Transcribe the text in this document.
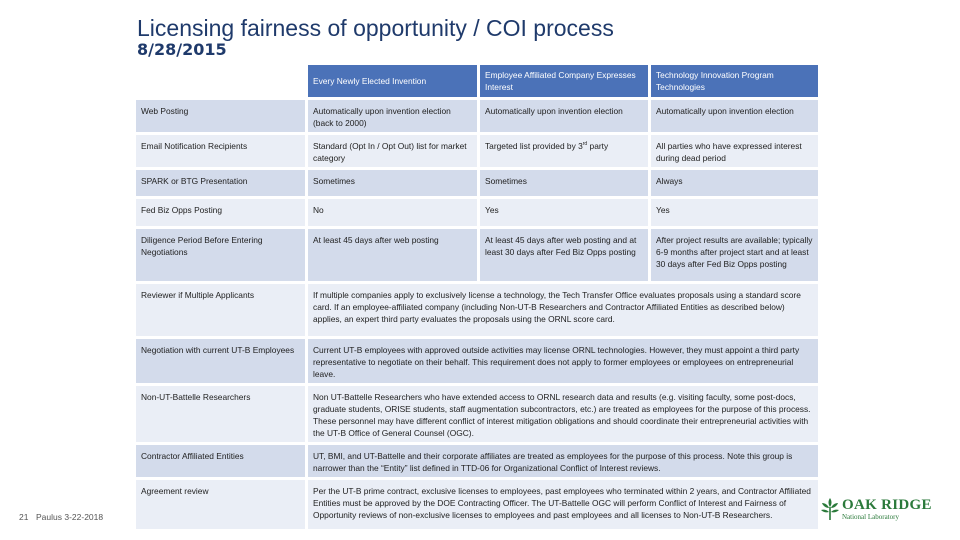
Licensing fairness of opportunity / COI process
8/28/2015
	Every Newly Elected Invention	Employee Affiliated Company Expresses Interest	Technology Innovation Program Technologies
Web Posting	Automatically upon invention election (back to 2000)	Automatically upon invention election	Automatically upon invention election
Email Notification Recipients	Standard (Opt In / Opt Out) list for market category	Targeted list provided by 3rd party	All parties who have expressed interest during dead period
SPARK or BTG Presentation	Sometimes	Sometimes	Always
Fed Biz Opps Posting	No	Yes	Yes
Diligence Period Before Entering Negotiations	At least 45 days after web posting	At least 45 days after web posting and at least 30 days after Fed Biz Opps posting	After project results are available; typically 6-9 months after project start and at least 30 days after Fed Biz Opps posting
Reviewer if Multiple Applicants	If multiple companies apply to exclusively license a technology, the Tech Transfer Office evaluates proposals using a standard score card. If an employee-affiliated company (including Non-UT-B Researchers and Contractor Affiliated Entities as described below) applies, an expert third party evaluates the proposals using the ORNL score card.		
Negotiation with current UT-B Employees	Current UT-B employees with approved outside activities may license ORNL technologies. However, they must appoint a third party representative to negotiate on their behalf. This requirement does not apply to former employees or employees on entrepreneurial leave.		
Non-UT-Battelle Researchers	Non UT-Battelle Researchers who have extended access to ORNL research data and results (e.g. visiting faculty, some post-docs, graduate students, ORISE students, staff augmentation subcontractors, etc.) are treated as employees for the purpose of this process. These personnel may have different conflict of interest mitigation obligations and should coordinate their entrepreneurial activities with the UT-B Office of General Counsel (OGC).		
Contractor Affiliated Entities	UT, BMI, and UT-Battelle and their corporate affiliates are treated as employees for the purpose of this process. Note this group is narrower than the “Entity” list defined in TTD-06 for Organizational Conflict of Interest reviews.		
Agreement review	Per the UT-B prime contract, exclusive licenses to employees, past employees who terminated within 2 years, and Contractor Affiliated Entities must be approved by the DOE Contracting Officer. The UT-Battelle OGC will perform Conflict of Interest and Fairness of Opportunity reviews of non-exclusive licenses to employees and past employees and all licenses to Non-UT-B Researchers.		
21 Paulus 3-22-2018
OAK RIDGE
National Laboratory
